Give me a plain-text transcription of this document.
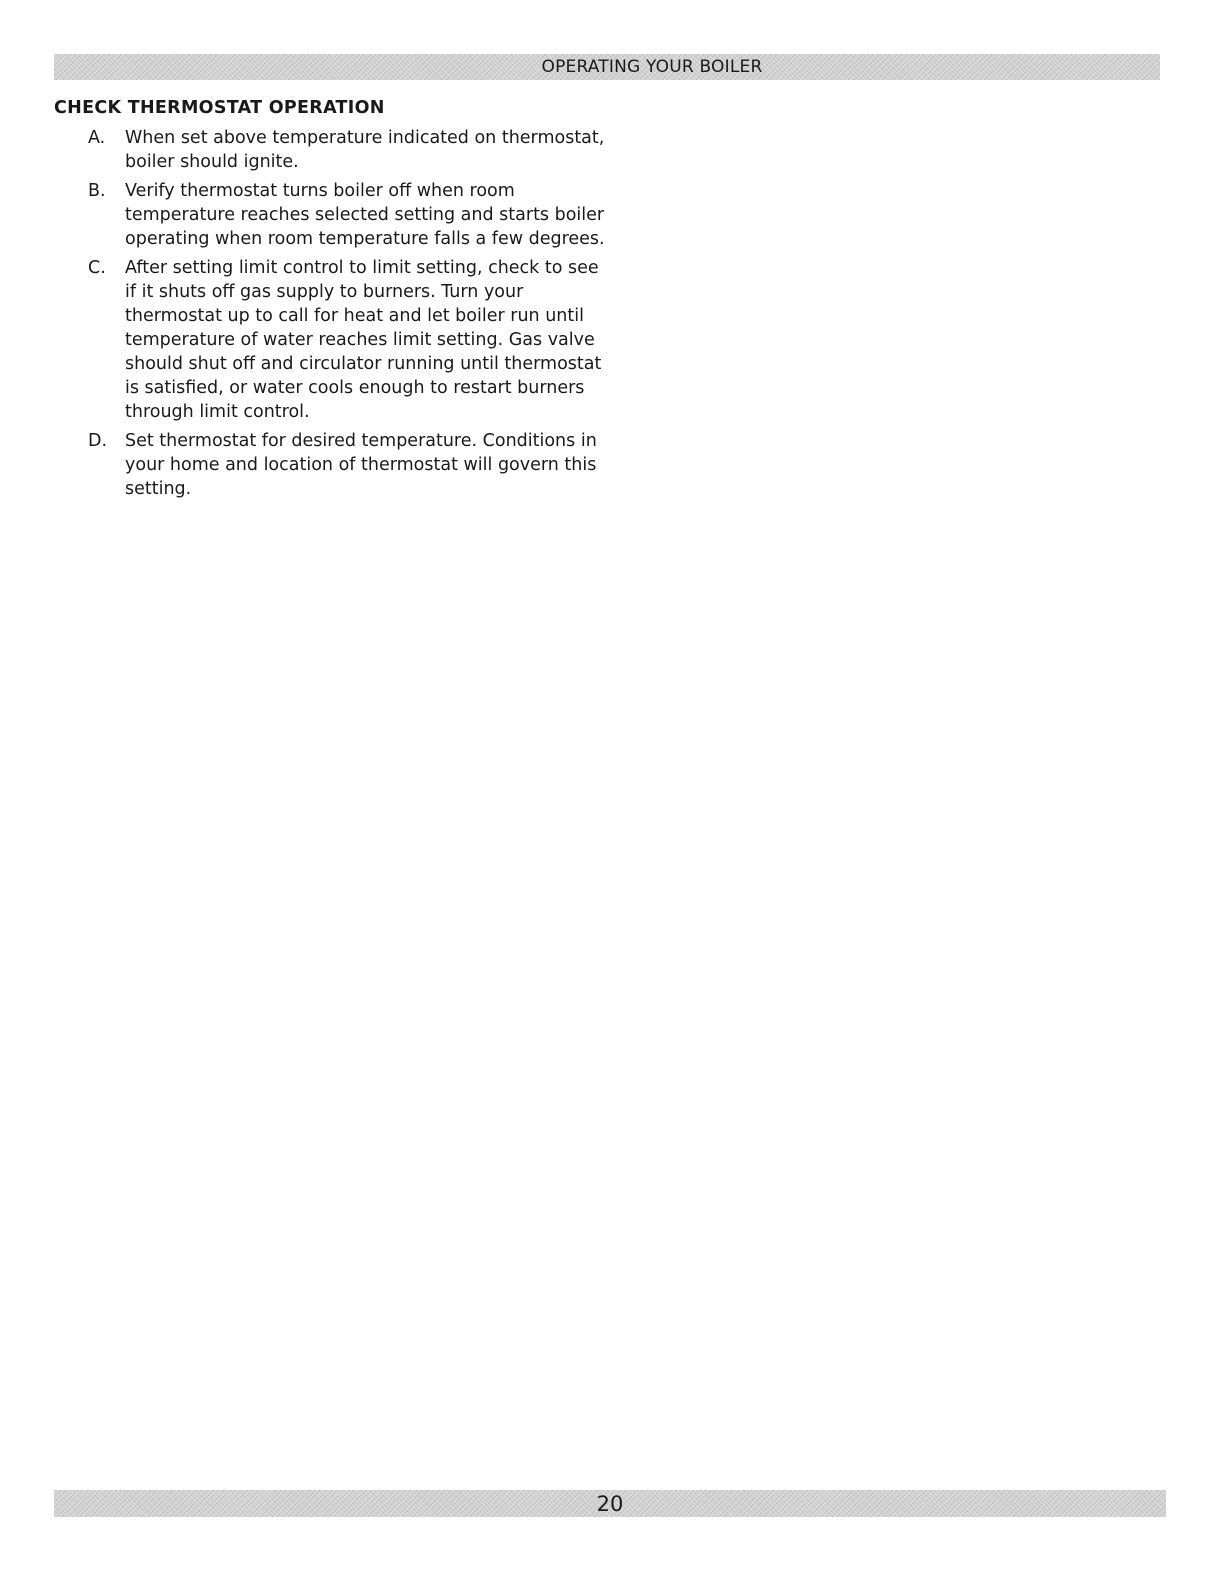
OPERATING YOUR BOILER
CHECK THERMOSTAT OPERATION
A.	When set above temperature indicated on thermostat, boiler should ignite.
B.	Verify thermostat turns boiler off when room temperature reaches selected setting and starts boiler operating when room temperature falls a few degrees.
C.	After setting limit control to limit setting, check to see if it shuts off gas supply to burners. Turn your thermostat up to call for heat and let boiler run until temperature of water reaches limit setting. Gas valve should shut off and circulator running until thermostat is satisfied, or water cools enough to restart burners through limit control.
D.	Set thermostat for desired temperature. Conditions in your home and location of thermostat will govern this setting.
20
